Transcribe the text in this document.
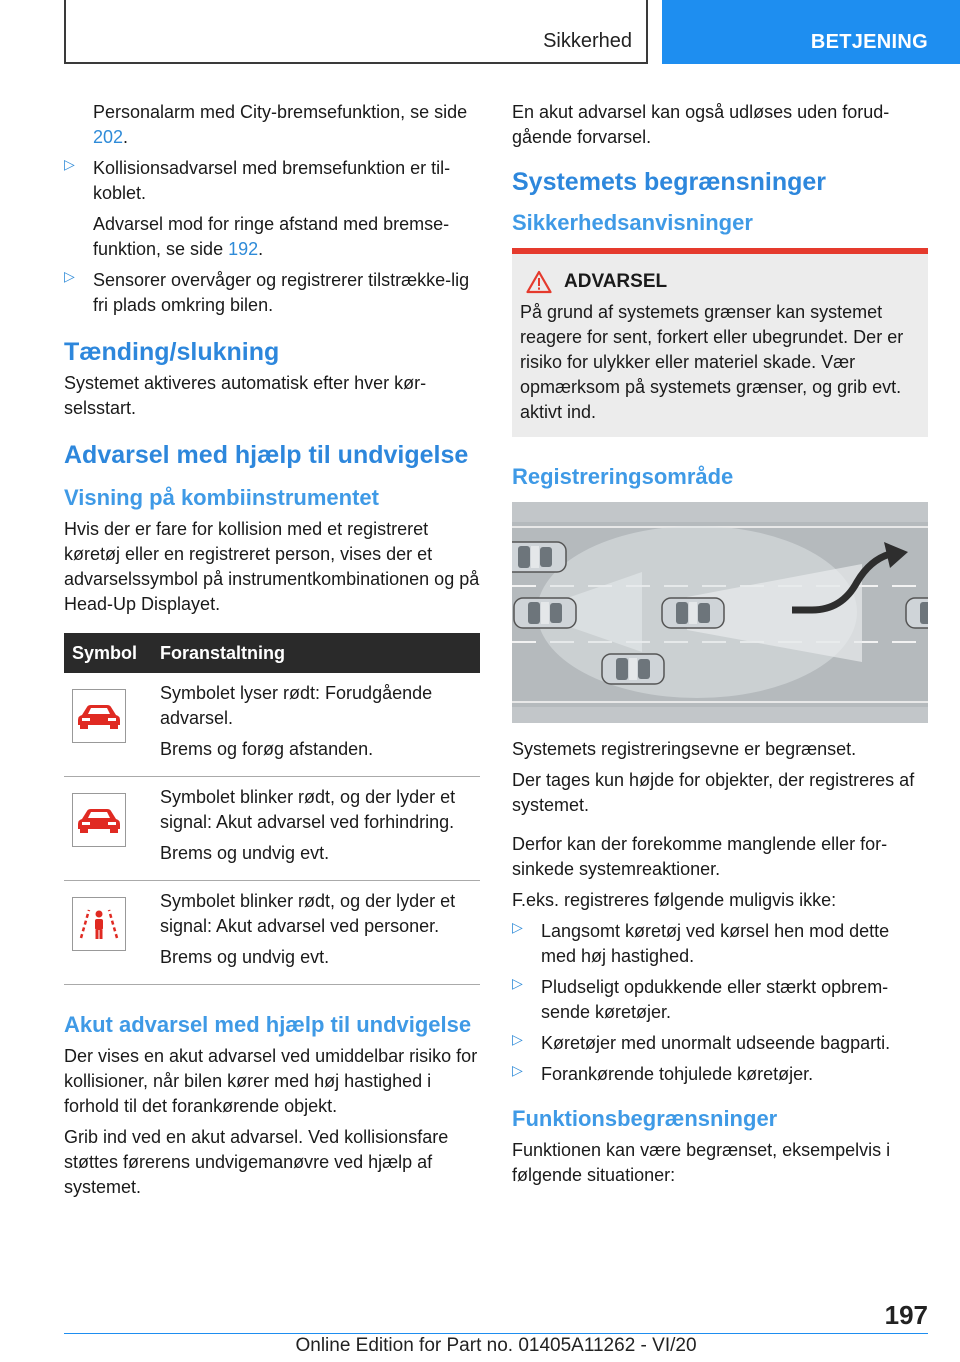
Sikkerhed	BETJENING

Personalarm med City-bremsefunktion, se side 202.

▷ Kollisionsadvarsel med bremsefunktion er til-koblet.

Advarsel mod for ringe afstand med bremse-funktion, se side 192.

▷ Sensorer overvåger og registrerer tilstrække-lig fri plads omkring bilen.

Tænding/slukning

Systemet aktiveres automatisk efter hver kør-selsstart.

Advarsel med hjælp til undvigelse
Visning på kombiinstrumentet

Hvis der er fare for kollision med et registreret køretøj eller en registreret person, vises der et advarselssymbol på instrumentkombinationen og på Head-Up Displayet.

Symbol	Foranstaltning

Symbolet lyser rødt: Forudgående advarsel.

Brems og forøg afstanden.

Symbolet blinker rødt, og der lyder et signal: Akut advarsel ved forhindring.

Brems og undvig evt.

Symbolet blinker rødt, og der lyder et signal: Akut advarsel ved personer.

Brems og undvig evt.

Akut advarsel med hjælp til undvigelse

Der vises en akut advarsel ved umiddelbar risiko for kollisioner, når bilen kører med høj hastighed i forhold til det forankørende objekt.

Grib ind ved en akut advarsel. Ved kollisionsfare støttes førerens undvigemanøvre ved hjælp af systemet.

En akut advarsel kan også udløses uden forud-gående forvarsel.

Systemets begrænsninger
Sikkerhedsanvisninger
ADVARSEL

På grund af systemets grænser kan systemet reagere for sent, forkert eller ubegrundet. Der er risiko for ulykker eller materiel skade. Vær opmærksom på systemets grænser, og grib evt. aktivt ind.

Registreringsområde

Systemets registreringsevne er begrænset.

Der tages kun højde for objekter, der registreres af systemet.

Derfor kan der forekomme manglende eller for-sinkede systemreaktioner.

F.eks. registreres følgende muligvis ikke:

▷ Langsomt køretøj ved kørsel hen mod dette med høj hastighed.

▷ Pludseligt opdukkende eller stærkt opbrem-sende køretøjer.

▷ Køretøjer med unormalt udseende bagparti.

▷ Forankørende tohjulede køretøjer.

Funktionsbegrænsninger

Funktionen kan være begrænset, eksempelvis i følgende situationer:

197
Online Edition for Part no. 01405A11262 - VI/20
